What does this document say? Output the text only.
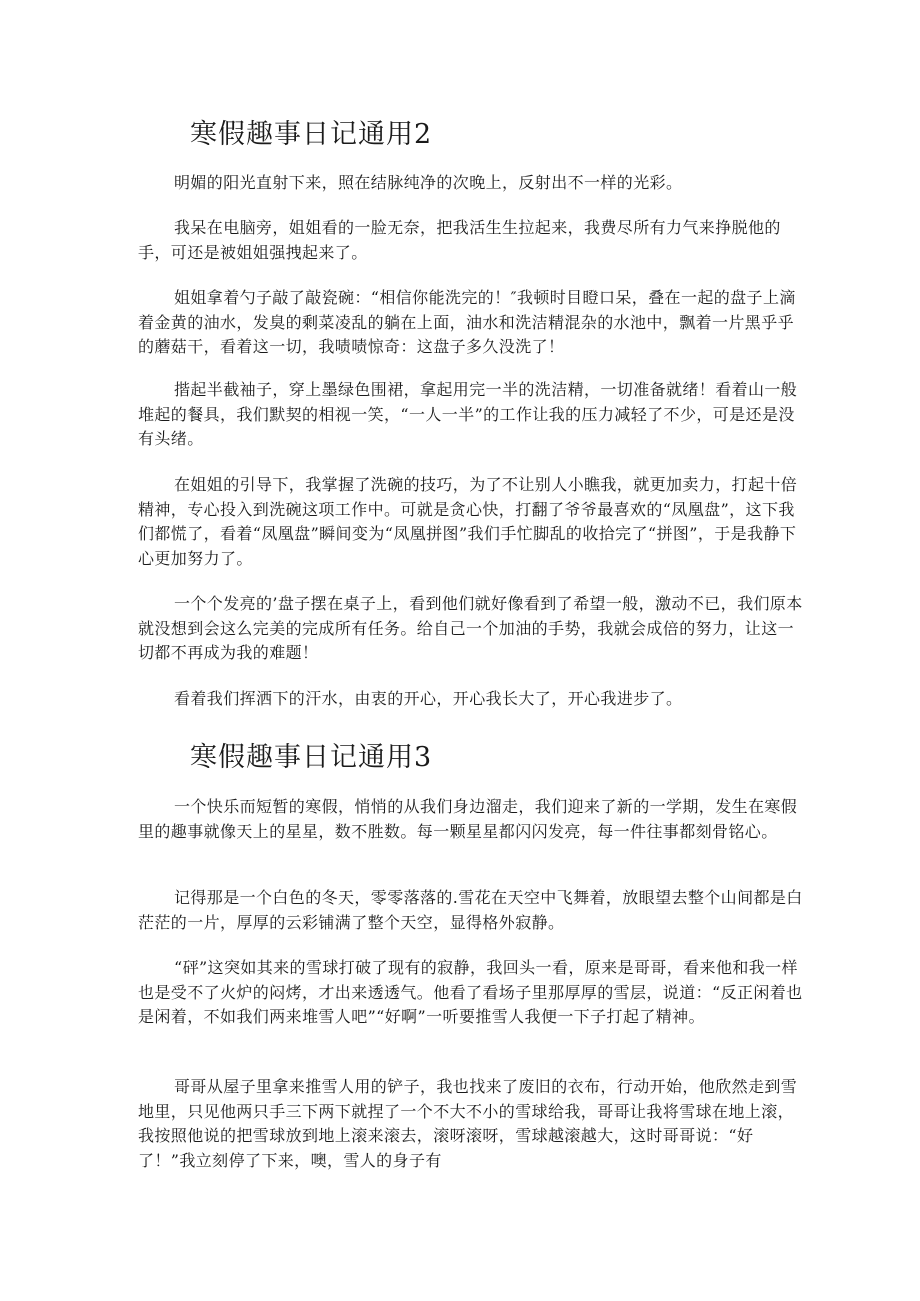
寒假趣事日记通用2

明媚的阳光直射下来，照在结脉纯净的次晚上，反射出不一样的光彩。

我呆在电脑旁，姐姐看的一脸无奈，把我活生生拉起来，我费尽所有力气来挣脱他的手，可还是被姐姐强拽起来了。

姐姐拿着勺子敲了敲瓷碗：“相信你能洗完的！″我顿时目瞪口呆，叠在一起的盘子上滴着金黄的油水，发臭的剩菜凌乱的躺在上面，油水和洗洁精混杂的水池中，飘着一片黑乎乎的蘑菇干，看着这一切，我啧啧惊奇：这盘子多久没洗了！

揩起半截袖子，穿上墨绿色围裙，拿起用完一半的洗洁精，一切准备就绪！看着山一般堆起的餐具，我们默契的相视一笑，“一人一半”的工作让我的压力减轻了不少，可是还是没有头绪。

在姐姐的引导下，我掌握了洗碗的技巧，为了不让别人小瞧我，就更加卖力，打起十倍精神，专心投入到洗碗这项工作中。可就是贪心快，打翻了爷爷最喜欢的“凤凰盘”，这下我们都慌了，看着“凤凰盘”瞬间变为“凤凰拼图”我们手忙脚乱的收拾完了“拼图”，于是我静下心更加努力了。

一个个发亮的’盘子摆在桌子上，看到他们就好像看到了希望一般，激动不已，我们原本就没想到会这么完美的完成所有任务。给自己一个加油的手势，我就会成倍的努力，让这一切都不再成为我的难题！

看着我们挥洒下的汗水，由衷的开心，开心我长大了，开心我进步了。

寒假趣事日记通用3

一个快乐而短暂的寒假，悄悄的从我们身边溜走，我们迎来了新的一学期，发生在寒假里的趣事就像天上的星星，数不胜数。每一颗星星都闪闪发亮，每一件往事都刻骨铭心。

记得那是一个白色的冬天，零零落落的.雪花在天空中飞舞着，放眼望去整个山间都是白茫茫的一片，厚厚的云彩铺满了整个天空，显得格外寂静。

“砰”这突如其来的雪球打破了现有的寂静，我回头一看，原来是哥哥，看来他和我一样也是受不了火炉的闷烤，才出来透透气。他看了看场子里那厚厚的雪层，说道：“反正闲着也是闲着，不如我们两来堆雪人吧”“好啊”一听要推雪人我便一下子打起了精神。

哥哥从屋子里拿来推雪人用的铲子，我也找来了废旧的衣布，行动开始，他欣然走到雪地里，只见他两只手三下两下就捏了一个不大不小的雪球给我，哥哥让我将雪球在地上滚，我按照他说的把雪球放到地上滚来滚去，滚呀滚呀，雪球越滚越大，这时哥哥说：“好了！”我立刻停了下来，噢，雪人的身子有
